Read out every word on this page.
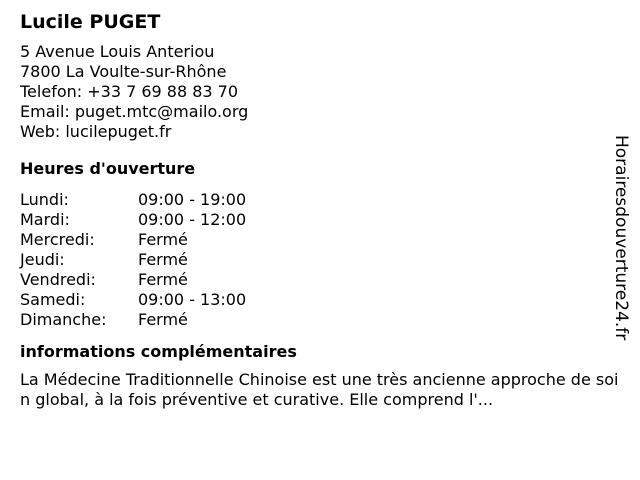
Lucile PUGET
5 Avenue Louis Anteriou
7800 La Voulte-sur-Rhône
Telefon: +33 7 69 88 83 70
Email: puget.mtc@mailo.org
Web: lucilepuget.fr
Heures d'ouverture
Lundi:	09:00 - 19:00
Mardi:	09:00 - 12:00
Mercredi:	Fermé
Jeudi:	Fermé
Vendredi:	Fermé
Samedi:	09:00 - 13:00
Dimanche:	Fermé
informations complémentaires
La Médecine Traditionnelle Chinoise est une très ancienne approche de soin global, à la fois préventive et curative. Elle comprend l'...
Horairesdouverture24.fr
